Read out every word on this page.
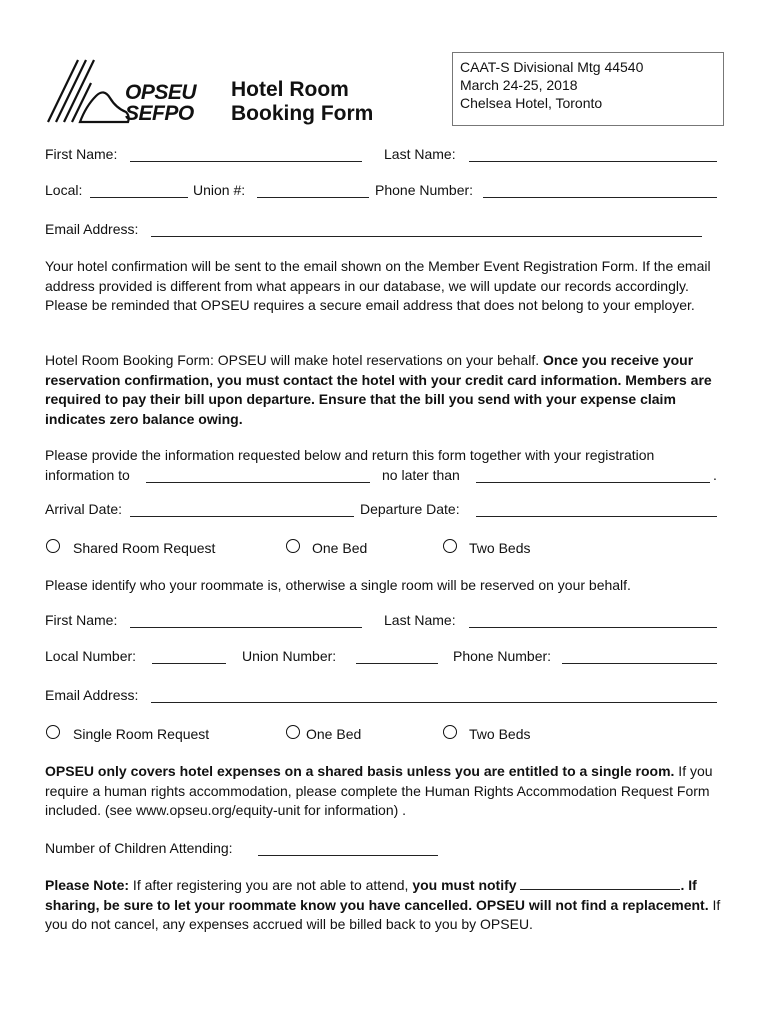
OPSEU
SEFPO
Hotel Room
Booking Form
CAAT-S Divisional Mtg 44540
March 24-25, 2018
Chelsea Hotel, Toronto
First Name:	Last Name:
Local:	Union #:	Phone Number:
Email Address:
Your hotel confirmation will be sent to the email shown on the Member Event Registration Form. If the email address provided is different from what appears in our database, we will update our records accordingly. Please be reminded that OPSEU requires a secure email address that does not belong to your employer.
Hotel Room Booking Form: OPSEU will make hotel reservations on your behalf. Once you receive your reservation confirmation, you must contact the hotel with your credit card information. Members are required to pay their bill upon departure. Ensure that the bill you send with your expense claim indicates zero balance owing.
Please provide the information requested below and return this form together with your registration
information to	no later than	.
Arrival Date:	Departure Date:
Shared Room Request	One Bed	Two Beds
Please identify who your roommate is, otherwise a single room will be reserved on your behalf.
First Name:	Last Name:
Local Number:	Union Number:	Phone Number:
Email Address:
Single Room Request	One Bed	Two Beds
OPSEU only covers hotel expenses on a shared basis unless you are entitled to a single room. If you require a human rights accommodation, please complete the Human Rights Accommodation Request Form included. (see www.opseu.org/equity-unit for information) .
Number of Children Attending:
Please Note: If after registering you are not able to attend, you must notify	. If sharing, be sure to let your roommate know you have cancelled. OPSEU will not find a replacement. If you do not cancel, any expenses accrued will be billed back to you by OPSEU.
